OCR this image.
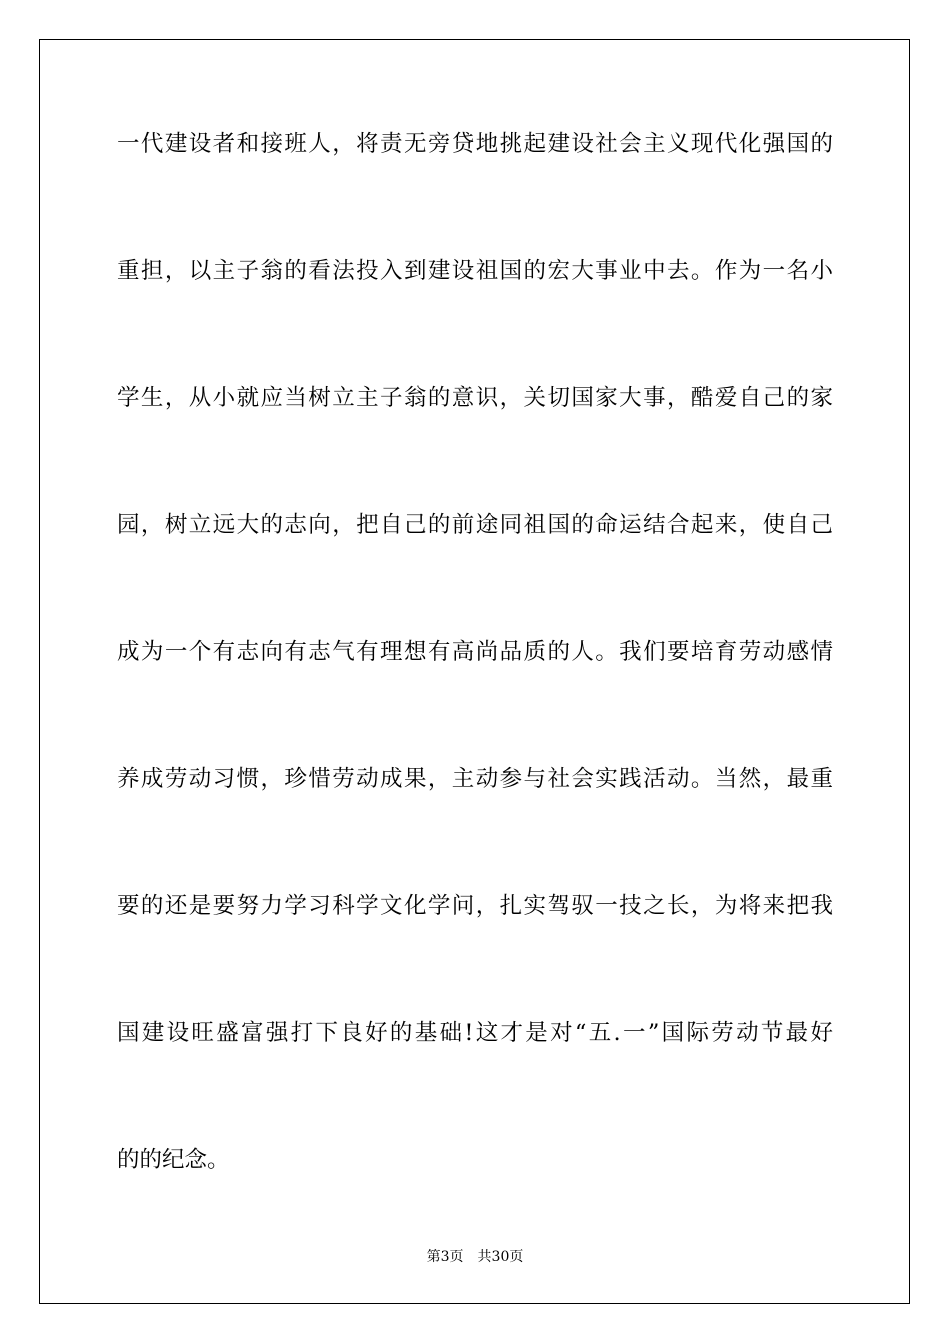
一代建设者和接班人，将责无旁贷地挑起建设社会主义现代化强国的
重担，以主子翁的看法投入到建设祖国的宏大事业中去。作为一名小
学生，从小就应当树立主子翁的意识，关切国家大事，酷爱自己的家
园，树立远大的志向，把自己的前途同祖国的命运结合起来，使自己
成为一个有志向有志气有理想有高尚品质的人。我们要培育劳动感情
养成劳动习惯，珍惜劳动成果，主动参与社会实践活动。当然，最重
要的还是要努力学习科学文化学问，扎实驾驭一技之长，为将来把我
国建设旺盛富强打下良好的基础!这才是对“五.一”国际劳动节最好
的的纪念。
第3页 共30页
